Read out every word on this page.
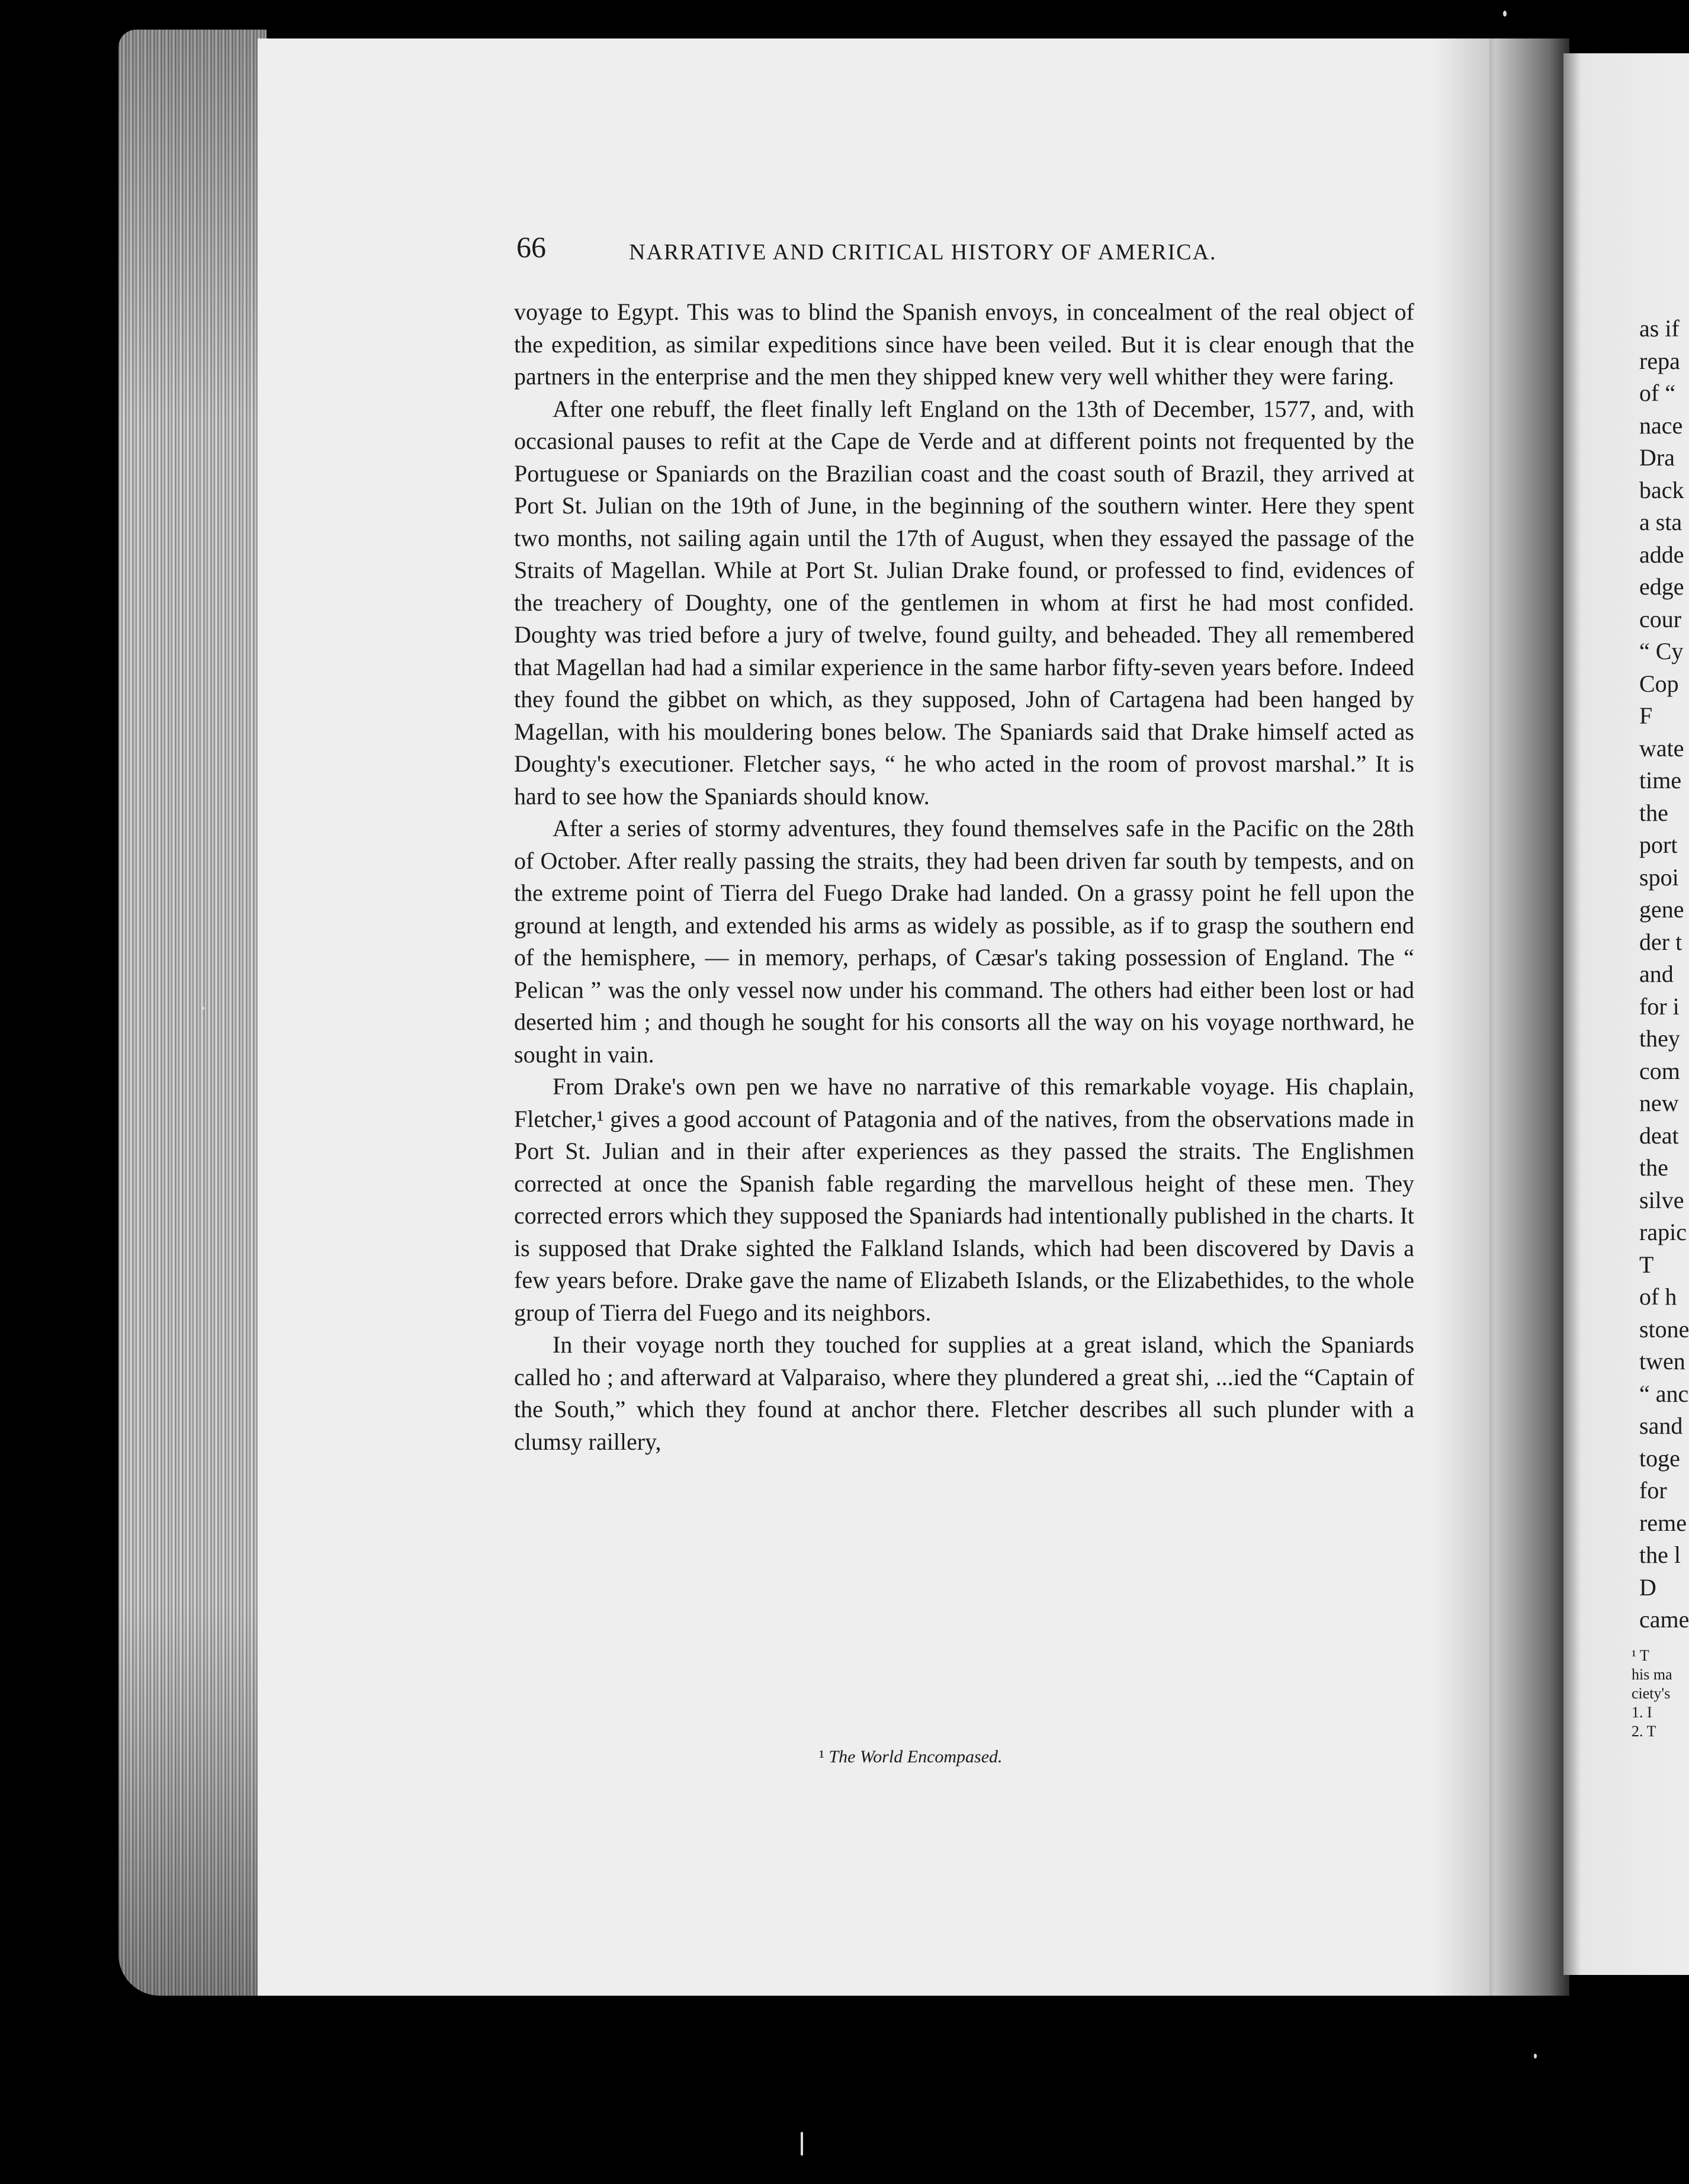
66	NARRATIVE AND CRITICAL HISTORY OF AMERICA.

voyage to Egypt. This was to blind the Spanish envoys, in concealment of the real object of the expedition, as similar expeditions since have been veiled. But it is clear enough that the partners in the enterprise and the men they shipped knew very well whither they were faring.

After one rebuff, the fleet finally left England on the 13th of December, 1577, and, with occasional pauses to refit at the Cape de Verde and at different points not frequented by the Portuguese or Spaniards on the Brazilian coast and the coast south of Brazil, they arrived at Port St. Julian on the 19th of June, in the beginning of the southern winter. Here they spent two months, not sailing again until the 17th of August, when they essayed the passage of the Straits of Magellan. While at Port St. Julian Drake found, or professed to find, evidences of the treachery of Doughty, one of the gentlemen in whom at first he had most confided. Doughty was tried before a jury of twelve, found guilty, and beheaded. They all remembered that Magellan had had a similar experience in the same harbor fifty-seven years before. Indeed they found the gibbet on which, as they supposed, John of Cartagena had been hanged by Magellan, with his mouldering bones below. The Spaniards said that Drake himself acted as Doughty's executioner. Fletcher says, “ he who acted in the room of provost marshal.” It is hard to see how the Spaniards should know.

After a series of stormy adventures, they found themselves safe in the Pacific on the 28th of October. After really passing the straits, they had been driven far south by tempests, and on the extreme point of Tierra del Fuego Drake had landed. On a grassy point he fell upon the ground at length, and extended his arms as widely as possible, as if to grasp the southern end of the hemisphere, — in memory, perhaps, of Cæsar's taking possession of England. The “ Pelican ” was the only vessel now under his command. The others had either been lost or had deserted him ; and though he sought for his consorts all the way on his voyage northward, he sought in vain.

From Drake's own pen we have no narrative of this remarkable voyage. His chaplain, Fletcher,¹ gives a good account of Patagonia and of the natives, from the observations made in Port St. Julian and in their after experiences as they passed the straits. The Englishmen corrected at once the Spanish fable regarding the marvellous height of these men. They corrected errors which they supposed the Spaniards had intentionally published in the charts. It is supposed that Drake sighted the Falkland Islands, which had been discovered by Davis a few years before. Drake gave the name of Elizabeth Islands, or the Elizabethides, to the whole group of Tierra del Fuego and its neighbors.

In their voyage north they touched for supplies at a great island, which the Spaniards called ho ; and afterward at Valparaiso, where they plundered a great shi, ...ied the “Captain of the South,” which they found at anchor there. Fletcher describes all such plunder with a clumsy raillery,

¹ The World Encompased.
as if
repa
of “
nace
Dra
back
a sta
adde
edge
cour
“ Cy
Cop
F
wate
time
the
port
spoi
gene
der t
and
for i
they
com
new
deat
the
silve
rapic
T
of h
stone
twen
“ anc
sand
toge
for
reme
the l
D
came
¹ T
his ma
ciety's
1. I
2. T
